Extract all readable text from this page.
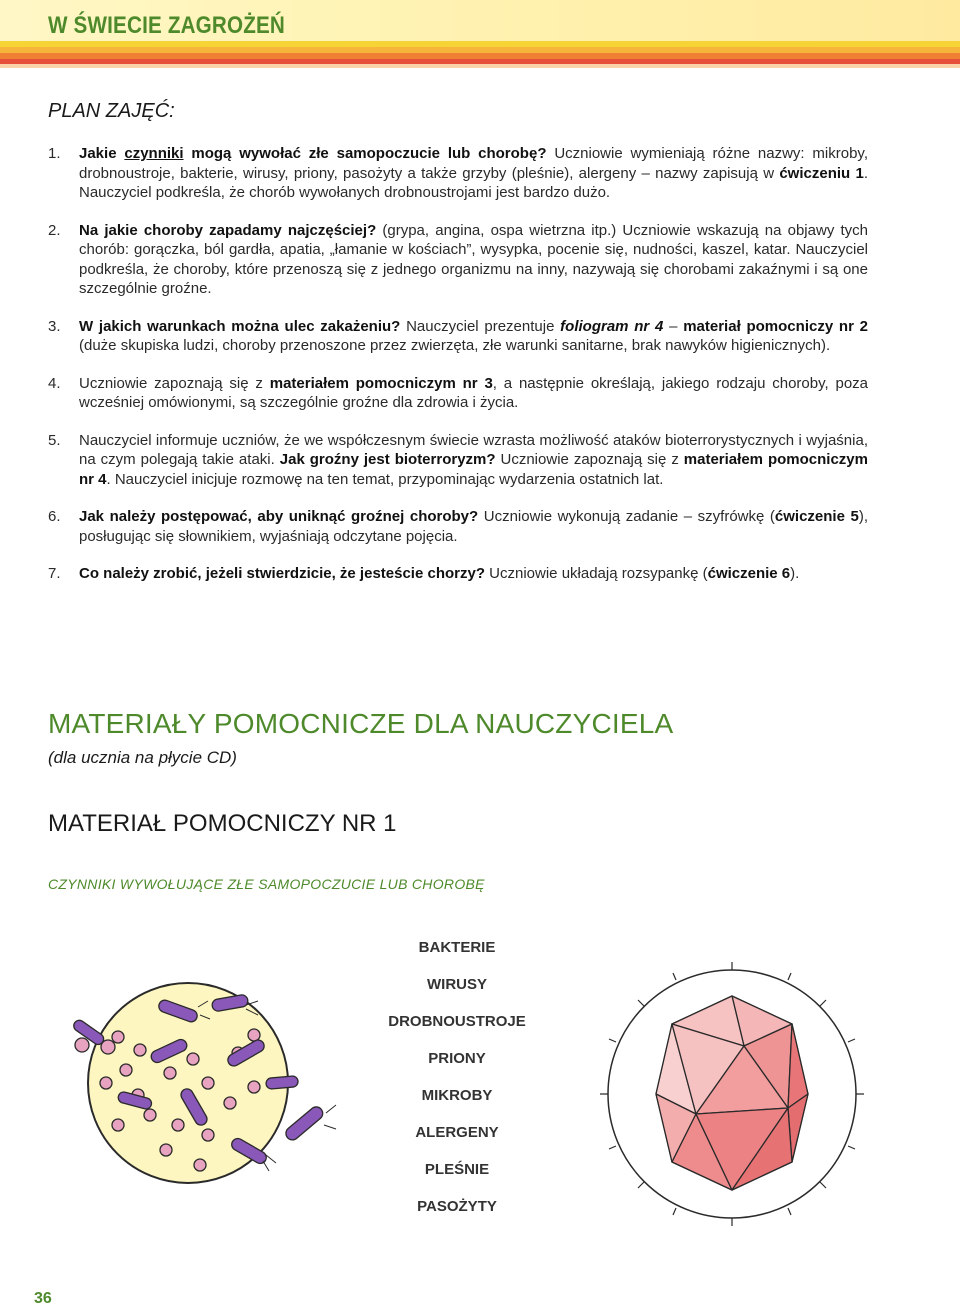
W ŚWIECIE ZAGROŻEŃ
PLAN ZAJĘĆ:
1. Jakie czynniki mogą wywołać złe samopoczucie lub chorobę? Uczniowie wymieniają różne nazwy: mikroby, drobnoustroje, bakterie, wirusy, priony, pasożyty a także grzyby (pleśnie), alergeny – nazwy zapisują w ćwiczeniu 1. Nauczyciel podkreśla, że chorób wywołanych drobnoustrojami jest bardzo dużo.
2. Na jakie choroby zapadamy najczęściej? (grypa, angina, ospa wietrzna itp.) Uczniowie wskazują na objawy tych chorób: gorączka, ból gardła, apatia, „łamanie w kościach”, wysypka, pocenie się, nudności, kaszel, katar. Nauczyciel podkreśla, że choroby, które przenoszą się z jednego organizmu na inny, nazywają się chorobami zakaźnymi i są one szczególnie groźne.
3. W jakich warunkach można ulec zakażeniu? Nauczyciel prezentuje foliogram nr 4 – materiał pomocniczy nr 2 (duże skupiska ludzi, choroby przenoszone przez zwierzęta, złe warunki sanitarne, brak nawyków higienicznych).
4. Uczniowie zapoznają się z materiałem pomocniczym nr 3, a następnie określają, jakiego rodzaju choroby, poza wcześniej omówionymi, są szczególnie groźne dla zdrowia i życia.
5. Nauczyciel informuje uczniów, że we współczesnym świecie wzrasta możliwość ataków bioterrorystycznych i wyjaśnia, na czym polegają takie ataki. Jak groźny jest bioterroryzm? Uczniowie zapoznają się z materiałem pomocniczym nr 4. Nauczyciel inicjuje rozmowę na ten temat, przypominając wydarzenia ostatnich lat.
6. Jak należy postępować, aby uniknąć groźnej choroby? Uczniowie wykonują zadanie – szyfrówkę (ćwiczenie 5), posługując się słownikiem, wyjaśniają odczytane pojęcia.
7. Co należy zrobić, jeżeli stwierdzicie, że jesteście chorzy? Uczniowie układają rozsypankę (ćwiczenie 6).
MATERIAŁY POMOCNICZE DLA NAUCZYCIELA

(dla ucznia na płycie CD)

MATERIAŁ POMOCNICZY NR 1

CZYNNIKI WYWOŁUJĄCE ZŁE SAMOPOCZUCIE LUB CHOROBĘ

BAKTERIE
WIRUSY
DROBNOUSTROJE
PRIONY
MIKROBY
ALERGENY
PLEŚNIE
PASOŻYTY

36
